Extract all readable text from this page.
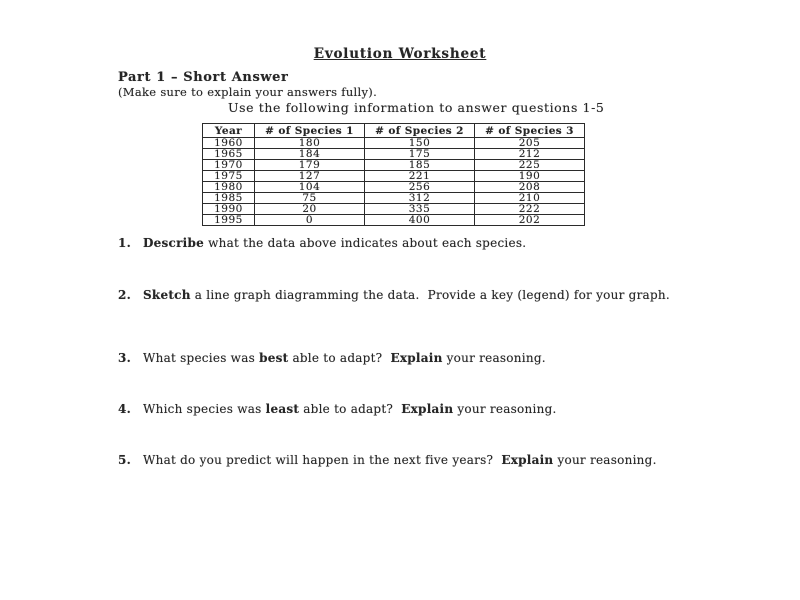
Evolution Worksheet
Part 1 – Short Answer
(Make sure to explain your answers fully).
Use the following information to answer questions 1-5
Year	# of Species 1	# of Species 2	# of Species 3
1960	180	150	205
1965	184	175	212
1970	179	185	225
1975	127	221	190
1980	104	256	208
1985	75	312	210
1990	20	335	222
1995	0	400	202
1. Describe what the data above indicates about each species.
2. Sketch a line graph diagramming the data.  Provide a key (legend) for your graph.
3. What species was best able to adapt?  Explain your reasoning.
4. Which species was least able to adapt?  Explain your reasoning.
5. What do you predict will happen in the next five years?  Explain your reasoning.
